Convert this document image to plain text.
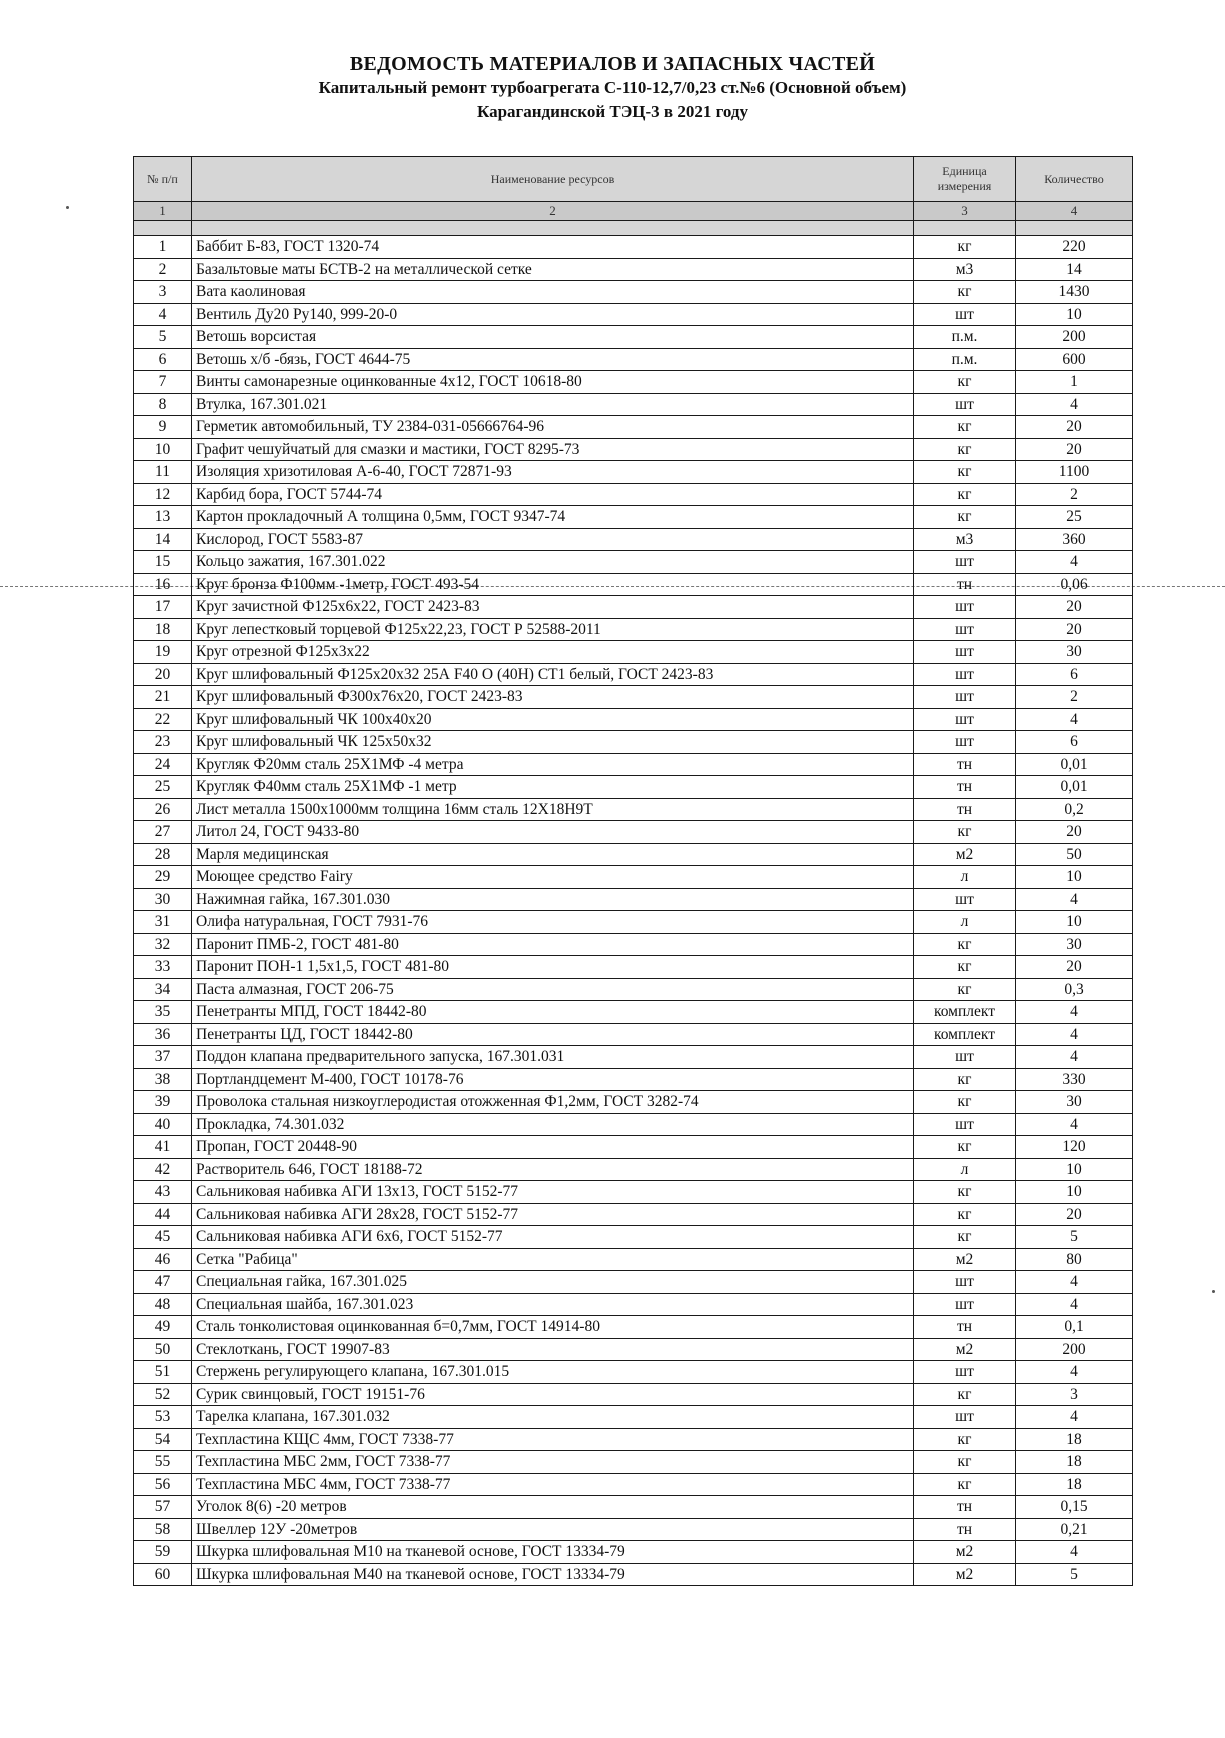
ВЕДОМОСТЬ МАТЕРИАЛОВ И ЗАПАСНЫХ ЧАСТЕЙ
Капитальный ремонт турбоагрегата С-110-12,7/0,23 ст.№6 (Основной объем)
Карагандинской ТЭЦ-3 в 2021 году
№ п/п	Наименование ресурсов	Единица измерения	Количество
1	2	3	4

1	Баббит Б-83, ГОСТ 1320-74	кг	220
2	Базальтовые маты БСТВ-2 на металлической сетке	м3	14
3	Вата каолиновая	кг	1430
4	Вентиль Ду20 Ру140, 999-20-0	шт	10
5	Ветошь ворсистая	п.м.	200
6	Ветошь х/б -бязь, ГОСТ 4644-75	п.м.	600
7	Винты самонарезные оцинкованные 4х12, ГОСТ 10618-80	кг	1
8	Втулка, 167.301.021	шт	4
9	Герметик автомобильный, ТУ 2384-031-05666764-96	кг	20
10	Графит чешуйчатый для смазки и мастики, ГОСТ 8295-73	кг	20
11	Изоляция хризотиловая А-6-40, ГОСТ 72871-93	кг	1100
12	Карбид бора, ГОСТ 5744-74	кг	2
13	Картон прокладочный А толщина 0,5мм, ГОСТ 9347-74	кг	25
14	Кислород, ГОСТ 5583-87	м3	360
15	Кольцо зажатия, 167.301.022	шт	4
16	Круг бронза Ф100мм -1метр, ГОСТ 493-54	тн	0,06
17	Круг зачистной Ф125х6х22, ГОСТ 2423-83	шт	20
18	Круг лепестковый торцевой Ф125х22,23, ГОСТ Р 52588-2011	шт	20
19	Круг отрезной Ф125х3х22	шт	30
20	Круг шлифовальный Ф125х20х32 25А F40 О (40Н) СТ1 белый, ГОСТ 2423-83	шт	6
21	Круг шлифовальный Ф300х76х20, ГОСТ 2423-83	шт	2
22	Круг шлифовальный ЧК 100х40х20	шт	4
23	Круг шлифовальный ЧК 125х50х32	шт	6
24	Кругляк Ф20мм сталь 25Х1МФ -4 метра	тн	0,01
25	Кругляк Ф40мм сталь 25Х1МФ -1 метр	тн	0,01
26	Лист металла 1500х1000мм толщина 16мм сталь 12Х18Н9Т	тн	0,2
27	Литол 24, ГОСТ 9433-80	кг	20
28	Марля медицинская	м2	50
29	Моющее средство Fairy	л	10
30	Нажимная гайка, 167.301.030	шт	4
31	Олифа натуральная, ГОСТ 7931-76	л	10
32	Паронит ПМБ-2, ГОСТ 481-80	кг	30
33	Паронит ПОН-1 1,5х1,5, ГОСТ 481-80	кг	20
34	Паста алмазная, ГОСТ 206-75	кг	0,3
35	Пенетранты МПД, ГОСТ 18442-80	комплект	4
36	Пенетранты ЦД, ГОСТ 18442-80	комплект	4
37	Поддон клапана предварительного запуска, 167.301.031	шт	4
38	Портландцемент М-400, ГОСТ 10178-76	кг	330
39	Проволока стальная низкоуглеродистая отожженная Ф1,2мм, ГОСТ 3282-74	кг	30
40	Прокладка, 74.301.032	шт	4
41	Пропан, ГОСТ 20448-90	кг	120
42	Растворитель 646, ГОСТ 18188-72	л	10
43	Сальниковая набивка АГИ 13х13, ГОСТ 5152-77	кг	10
44	Сальниковая набивка АГИ 28х28, ГОСТ 5152-77	кг	20
45	Сальниковая набивка АГИ 6х6, ГОСТ 5152-77	кг	5
46	Сетка "Рабица"	м2	80
47	Специальная гайка, 167.301.025	шт	4
48	Специальная шайба, 167.301.023	шт	4
49	Сталь тонколистовая оцинкованная б=0,7мм, ГОСТ 14914-80	тн	0,1
50	Стеклоткань, ГОСТ 19907-83	м2	200
51	Стержень регулирующего клапана, 167.301.015	шт	4
52	Сурик свинцовый, ГОСТ 19151-76	кг	3
53	Тарелка клапана, 167.301.032	шт	4
54	Техпластина КЩС 4мм, ГОСТ 7338-77	кг	18
55	Техпластина МБС 2мм, ГОСТ 7338-77	кг	18
56	Техпластина МБС 4мм, ГОСТ 7338-77	кг	18
57	Уголок 8(6) -20 метров	тн	0,15
58	Швеллер 12У -20метров	тн	0,21
59	Шкурка шлифовальная М10 на тканевой основе, ГОСТ 13334-79	м2	4
60	Шкурка шлифовальная М40 на тканевой основе, ГОСТ 13334-79	м2	5
